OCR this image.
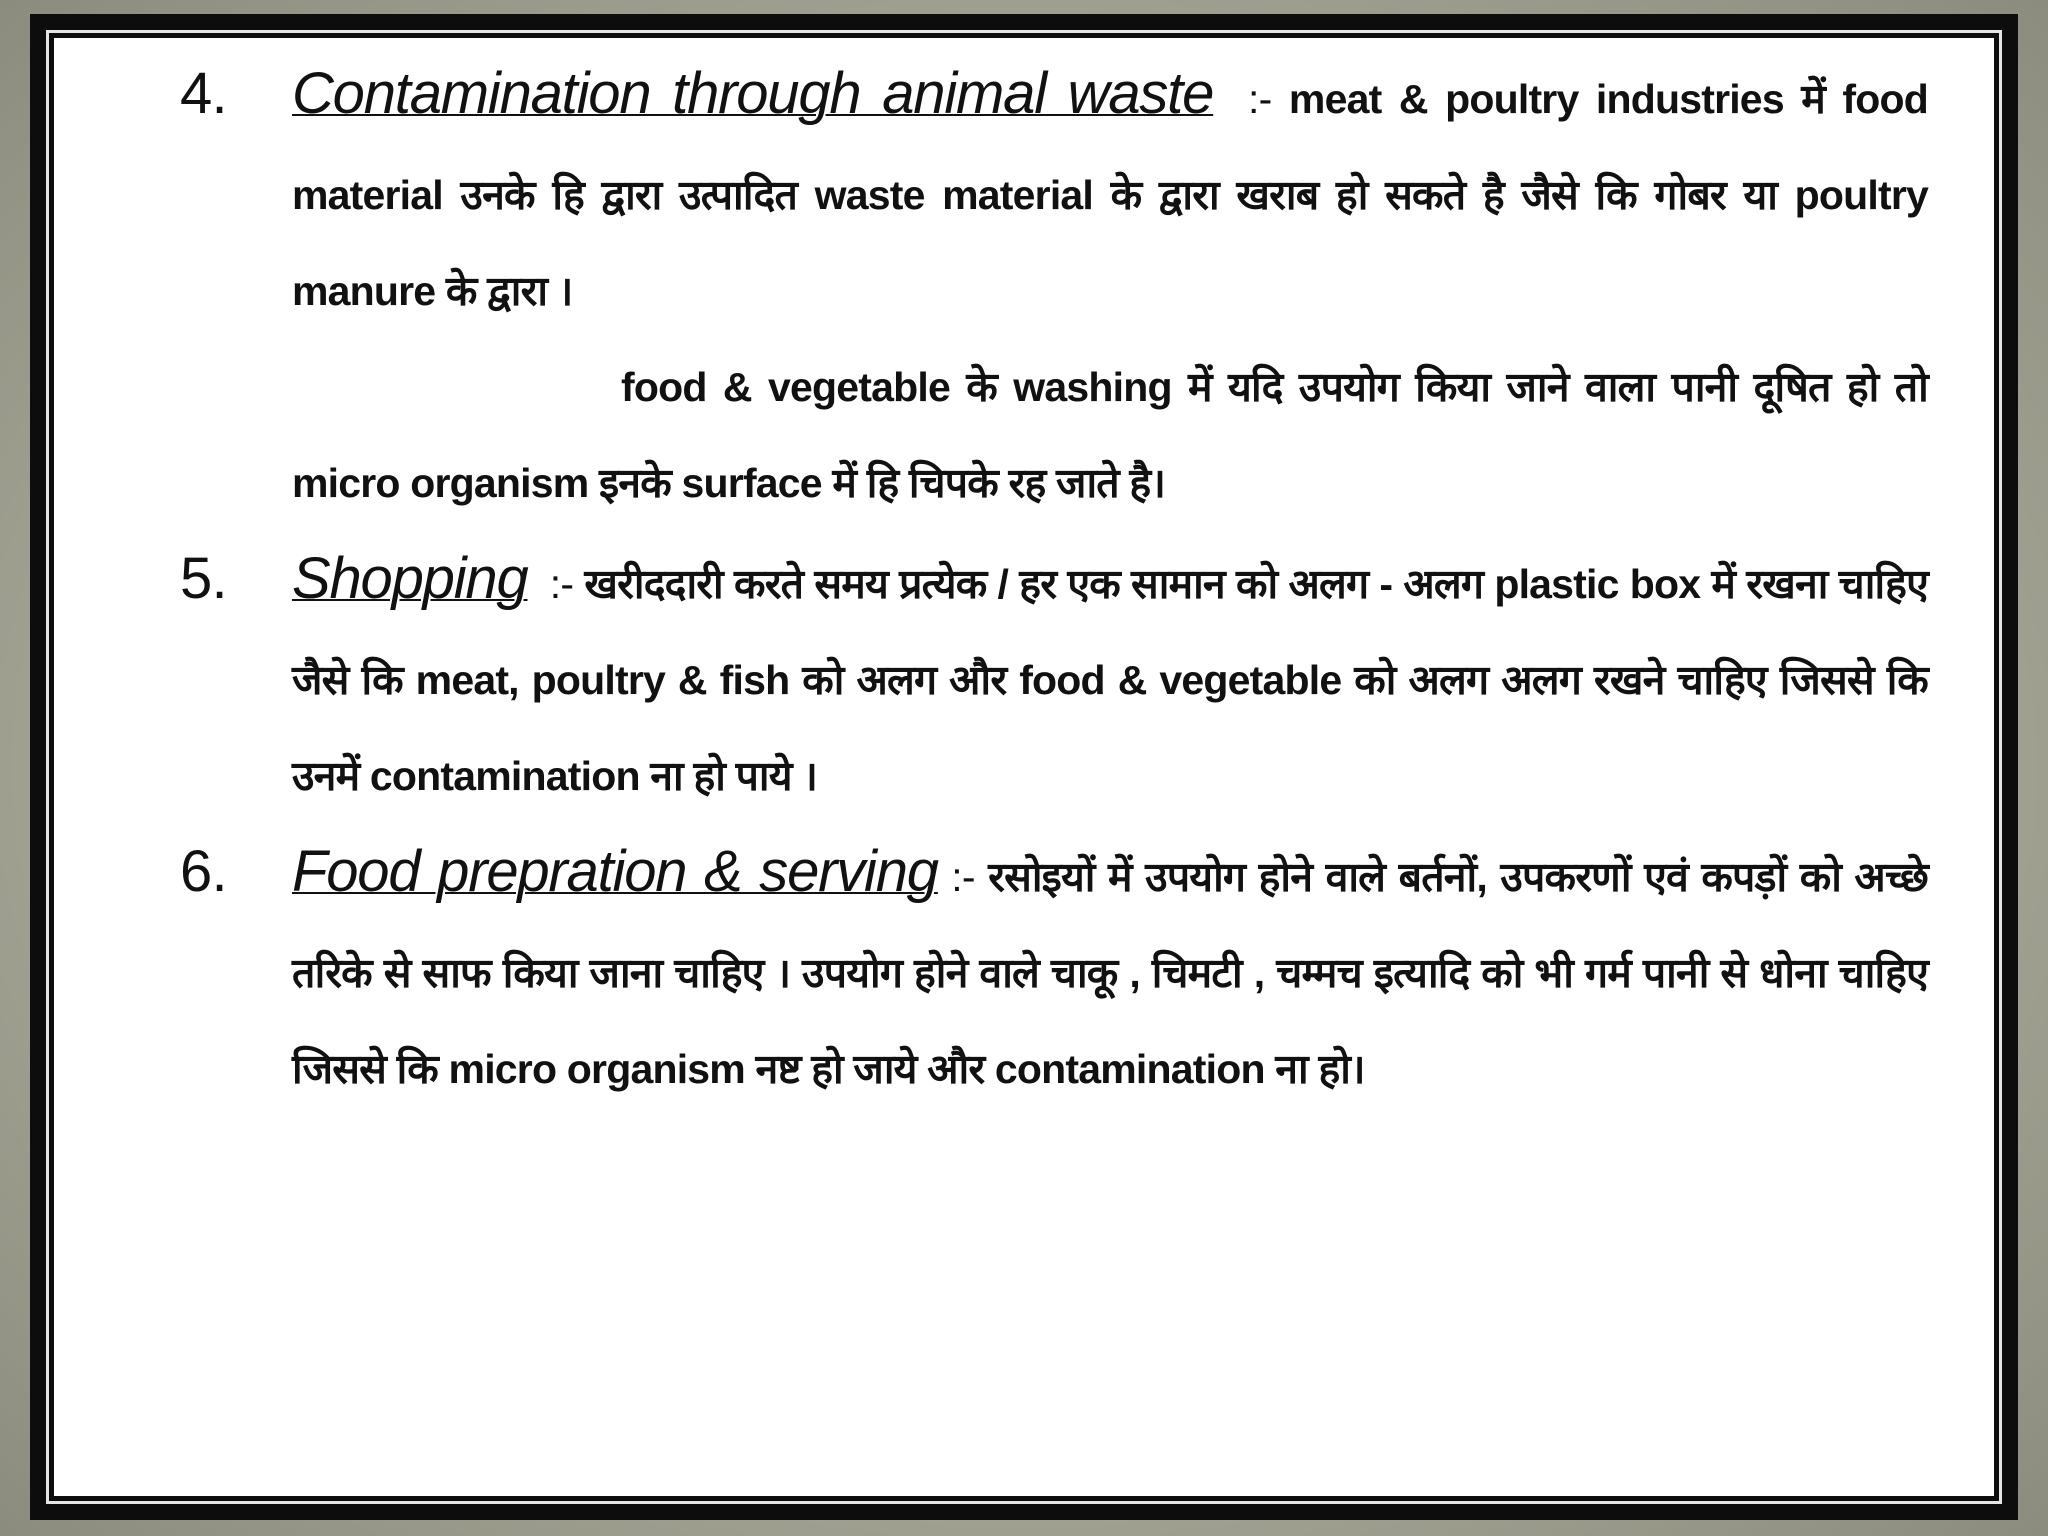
4. Contamination through animal waste :- meat & poultry industries में food material उनके हि द्वारा उत्पादित waste material के द्वारा खराब हो सकते है जैसे कि गोबर या poultry manure के द्वारा ।

food & vegetable के washing में यदि उपयोग किया जाने वाला पानी दूषित हो तो micro organism इनके surface में हि चिपके रह जाते है।

5. Shopping :- खरीददारी करते समय प्रत्येक / हर एक सामान को अलग - अलग plastic box में रखना चाहिए जैसे कि meat, poultry & fish को अलग और food & vegetable को अलग अलग रखने चाहिए जिससे कि उनमें contamination ना हो पाये ।

6. Food prepration & serving :- रसोइयों में उपयोग होने वाले बर्तनों, उपकरणों एवं कपड़ों को अच्छे तरिके से साफ किया जाना चाहिए । उपयोग होने वाले चाकू , चिमटी , चम्मच इत्यादि को भी गर्म पानी से धोना चाहिए जिससे कि micro organism नष्ट हो जाये और contamination ना हो।
